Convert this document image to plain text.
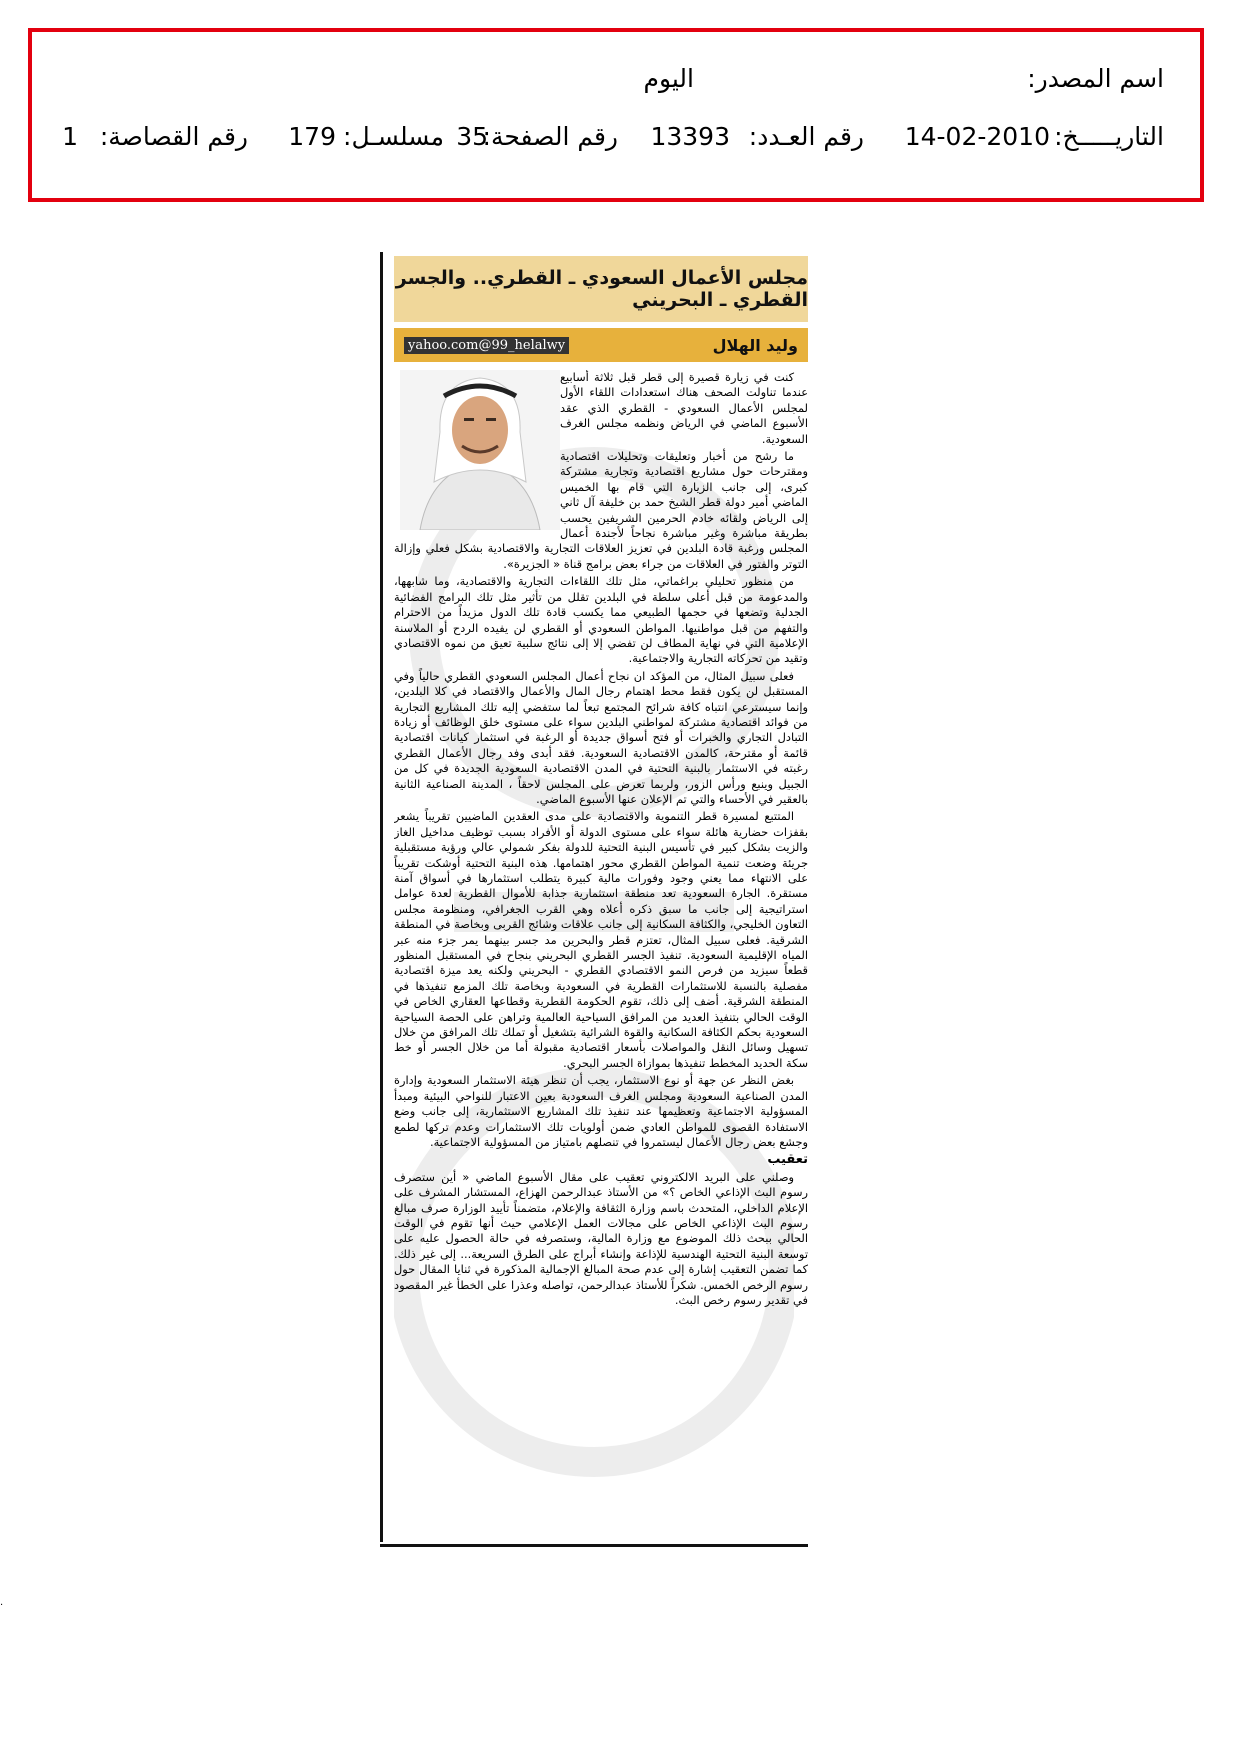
اسم المصدر:
اليوم
التاريـــــخ:
14-02-2010
رقم العـدد:
13393
رقم الصفحة:
35
مسلسـل:
179
رقم القصاصة:
1
مجلس الأعمال السعودي ـ القطري.. والجسر القطري ـ البحريني
yahoo.com@99_helalwy	وليد الهلال

كنت في زيارة قصيرة إلى قطر قبل ثلاثة أسابيع عندما تناولت الصحف هناك استعدادات اللقاء الأول لمجلس الأعمال السعودي - القطري الذي عقد الأسبوع الماضي في الرياض ونظمه مجلس الغرف السعودية.

ما رشح من أخبار وتعليقات وتحليلات اقتصادية ومقترحات حول مشاريع اقتصادية وتجارية مشتركة كبرى، إلى جانب الزيارة التي قام بها الخميس الماضي أمير دولة قطر الشيخ حمد بن خليفة آل ثاني إلى الرياض ولقائه خادم الحرمين الشريفين يحسب بطريقة مباشرة وغير مباشرة نجاحاً لأجندة أعمال المجلس ورغبة قادة البلدين في تعزيز العلاقات التجارية والاقتصادية بشكل فعلي وإزالة التوتر والفتور في العلاقات من جراء بعض برامج قناة « الجزيرة».

من منظور تحليلي براغماتي، مثل تلك اللقاءات التجارية والاقتصادية، وما شابهها، والمدعومة من قبل أعلى سلطة في البلدين تقلل من تأثير مثل تلك البرامج الفضائية الجدلية وتضعها في حجمها الطبيعي مما يكسب قادة تلك الدول مزيداً من الاحترام والتفهم من قبل مواطنيها. المواطن السعودي أو القطري لن يفيده الردح أو الملاسنة الإعلامية التي في نهاية المطاف لن تفضي إلا إلى نتائج سلبية تعيق من نموه الاقتصادي وتقيد من تحركاته التجارية والاجتماعية.

فعلى سبيل المثال، من المؤكد ان نجاح أعمال المجلس السعودي القطري حالياً وفي المستقبل لن يكون فقط محط اهتمام رجال المال والأعمال والاقتصاد في كلا البلدين، وإنما سيسترعي انتباه كافة شرائح المجتمع تبعاً لما ستفضي إليه تلك المشاريع التجارية من فوائد اقتصادية مشتركة لمواطني البلدين سواء على مستوى خلق الوظائف أو زيادة التبادل التجاري والخبرات أو فتح أسواق جديدة أو الرغبة في استثمار كيانات اقتصادية قائمة أو مقترحة، كالمدن الاقتصادية السعودية. فقد أبدى وفد رجال الأعمال القطري رغبته في الاستثمار بالبنية التحتية في المدن الاقتصادية السعودية الجديدة في كل من الجبيل وينبع ورأس الزور، ولربما تعرض على المجلس لاحقاً ، المدينة الصناعية الثانية بالعقير في الأحساء والتي تم الإعلان عنها الأسبوع الماضي.

المتتبع لمسيرة قطر التنموية والاقتصادية على مدى العقدين الماضيين تقريباً يشعر بقفزات حضارية هائلة سواء على مستوى الدولة أو الأفراد بسبب توظيف مداخيل الغاز والزيت بشكل كبير في تأسيس البنية التحتية للدولة بفكر شمولي عالي ورؤية مستقبلية جريئة وضعت تنمية المواطن القطري محور اهتمامها. هذه البنية التحتية أوشكت تقريباً على الانتهاء مما يعني وجود وفورات مالية كبيرة يتطلب استثمارها في أسواق آمنة مستقرة. الجارة السعودية تعد منطقة استثمارية جذابة للأموال القطرية لعدة عوامل استراتيجية إلى جانب ما سبق ذكره أعلاه وهي القرب الجغرافي، ومنظومة مجلس التعاون الخليجي، والكثافة السكانية إلى جانب علاقات وشائج القربى وبخاصة في المنطقة الشرقية. فعلى سبيل المثال، تعتزم قطر والبحرين مد جسر بينهما يمر جزء منه عبر المياه الإقليمية السعودية. تنفيذ الجسر القطري البحريني بنجاح في المستقبل المنظور قطعاً سيزيد من فرص النمو الاقتصادي القطري - البحريني ولكنه يعد ميزة اقتصادية مفصلية بالنسبة للاستثمارات القطرية في السعودية وبخاصة تلك المزمع تنفيذها في المنطقة الشرقية. أضف إلى ذلك، تقوم الحكومة القطرية وقطاعها العقاري الخاص في الوقت الحالي بتنفيذ العديد من المرافق السياحية العالمية وتراهن على الحصة السياحية السعودية بحكم الكثافة السكانية والقوة الشرائية بتشغيل أو تملك تلك المرافق من خلال تسهيل وسائل النقل والمواصلات بأسعار اقتصادية مقبولة أما من خلال الجسر أو خط سكة الحديد المخطط تنفيذها بموازاة الجسر البحري.

بغض النظر عن جهة أو نوع الاستثمار، يجب أن تنظر هيئة الاستثمار السعودية وإدارة المدن الصناعية السعودية ومجلس الغرف السعودية بعين الاعتبار للنواحي البيئية ومبدأ المسؤولية الاجتماعية وتعظيمها عند تنفيذ تلك المشاريع الاستثمارية، إلى جانب وضع الاستفادة القصوى للمواطن العادي ضمن أولويات تلك الاستثمارات وعدم تركها لطمع وجشع بعض رجال الأعمال ليستمروا في تنصلهم بامتياز من المسؤولية الاجتماعية.

تعقيب

وصلني على البريد الالكتروني تعقيب على مقال الأسبوع الماضي « أين ستصرف رسوم البث الإذاعي الخاص ؟» من الأستاذ عبدالرحمن الهزاع، المستشار المشرف على الإعلام الداخلي، المتحدث باسم وزارة الثقافة والإعلام، متضمناً تأييد الوزارة صرف مبالغ رسوم البث الإذاعي الخاص على مجالات العمل الإعلامي حيث أنها تقوم في الوقت الحالي ببحث ذلك الموضوع مع وزارة المالية، وستصرفه في حالة الحصول عليه على توسعة البنية التحتية الهندسية للإذاعة وإنشاء أبراج على الطرق السريعة... إلى غير ذلك. كما تضمن التعقيب إشارة إلى عدم صحة المبالغ الإجمالية المذكورة في ثنايا المقال حول رسوم الرخص الخمس. شكراً للأستاذ عبدالرحمن، تواصله وعذرا على الخطأ غير المقصود في تقدير رسوم رخص البث.

.
